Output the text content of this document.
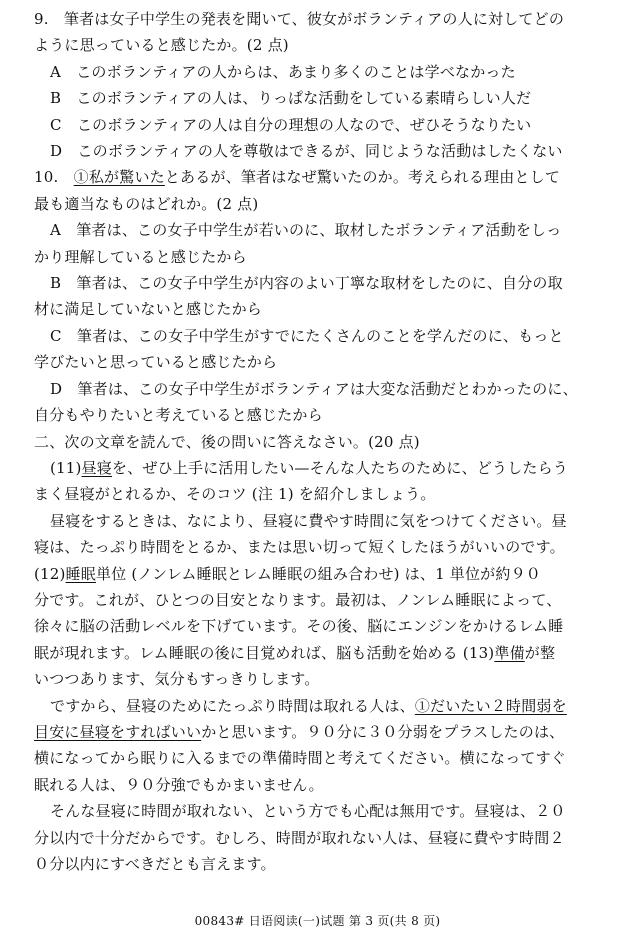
9.　筆者は女子中学生の発表を聞いて、彼女がボランティアの人に対してどの
ように思っていると感じたか。(2 点)
A　このボランティアの人からは、あまり多くのことは学べなかった
B　このボランティアの人は、りっぱな活動をしている素晴らしい人だ
C　このボランティアの人は自分の理想の人なので、ぜひそうなりたい
D　このボランティアの人を尊敬はできるが、同じような活動はしたくない
10.　①私が驚いたとあるが、筆者はなぜ驚いたのか。考えられる理由として
最も適当なものはどれか。(2 点)
A　筆者は、この女子中学生が若いのに、取材したボランティア活動をしっ
かり理解していると感じたから
B　筆者は、この女子中学生が内容のよい丁寧な取材をしたのに、自分の取
材に満足していないと感じたから
C　筆者は、この女子中学生がすでにたくさんのことを学んだのに、もっと
学びたいと思っていると感じたから
D　筆者は、この女子中学生がボランティアは大変な活動だとわかったのに、
自分もやりたいと考えていると感じたから
二、次の文章を読んで、後の問いに答えなさい。(20 点)
(11)昼寝を、ぜひ上手に活用したい—そんな人たちのために、どうしたらう
まく昼寝がとれるか、そのコツ (注 1) を紹介しましょう。
昼寝をするときは、なにより、昼寝に費やす時間に気をつけてください。昼
寝は、たっぷり時間をとるか、または思い切って短くしたほうがいいのです。
(12)睡眠単位 (ノンレム睡眠とレム睡眠の組み合わせ) は、1 単位が約９０
分です。これが、ひとつの目安となります。最初は、ノンレム睡眠によって、
徐々に脳の活動レベルを下げています。その後、脳にエンジンをかけるレム睡
眠が現れます。レム睡眠の後に目覚めれば、脳も活動を始める (13)準備が整
いつつあります、気分もすっきりします。
ですから、昼寝のためにたっぷり時間は取れる人は、①だいたい２時間弱を
目安に昼寝をすればいいかと思います。９０分に３０分弱をプラスしたのは、
横になってから眠りに入るまでの準備時間と考えてください。横になってすぐ
眠れる人は、９０分強でもかまいません。
そんな昼寝に時間が取れない、という方でも心配は無用です。昼寝は、２０
分以内で十分だからです。むしろ、時間が取れない人は、昼寝に費やす時間２
０分以内にすべきだとも言えます。
00843# 日语阅读(一)试题 第 3 页(共 8 页)
